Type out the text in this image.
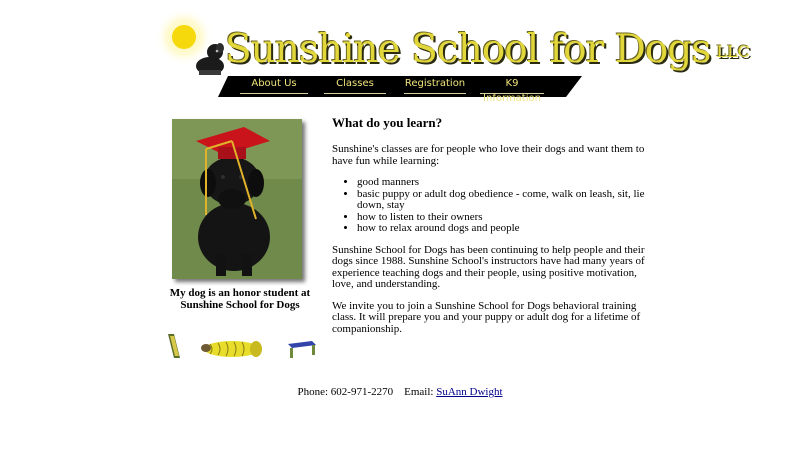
Sunshine School for Dogs LLC
About Us	Classes	Registration	K9 Information
My dog is an honor student at Sunshine School for Dogs
What do you learn?

Sunshine's classes are for people who love their dogs and want them to have fun while learning:

• good manners
• basic puppy or adult dog obedience - come, walk on leash, sit, lie down, stay
• how to listen to their owners
• how to relax around dogs and people

Sunshine School for Dogs has been continuing to help people and their dogs since 1988. Sunshine School's instructors have had many years of experience teaching dogs and their people, using positive motivation, love, and understanding.

We invite you to join a Sunshine School for Dogs behavioral training class. It will prepare you and your puppy or adult dog for a lifetime of companionship.

Phone: 602-971-2270 Email: SuAnn Dwight
